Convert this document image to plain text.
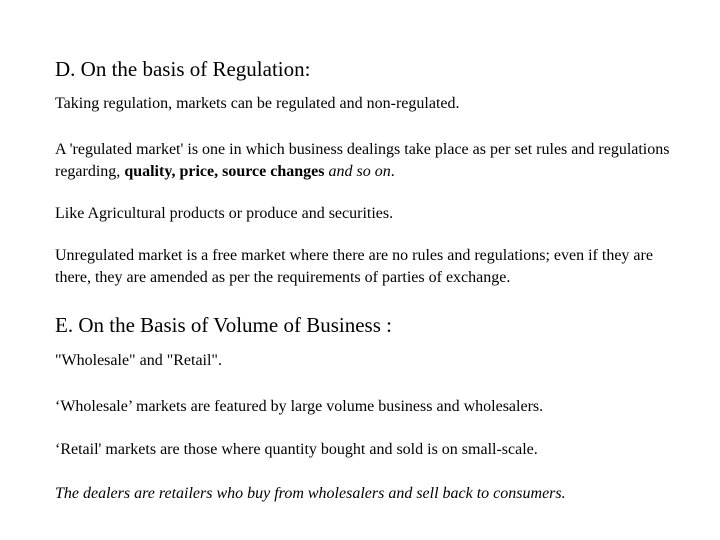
D. On the basis of Regulation:

Taking regulation, markets can be regulated and non-regulated.

A 'regulated market' is one in which business dealings take place as per set rules and regulations regarding, quality, price, source changes and so on.

Like Agricultural products or produce and securities.

Unregulated market is a free market where there are no rules and regulations; even if they are there, they are amended as per the requirements of parties of exchange.

E. On the Basis of Volume of Business :

"Wholesale" and "Retail".

‘Wholesale’ markets are featured by large volume business and wholesalers.

‘Retail' markets are those where quantity bought and sold is on small-scale.

The dealers are retailers who buy from wholesalers and sell back to consumers.
